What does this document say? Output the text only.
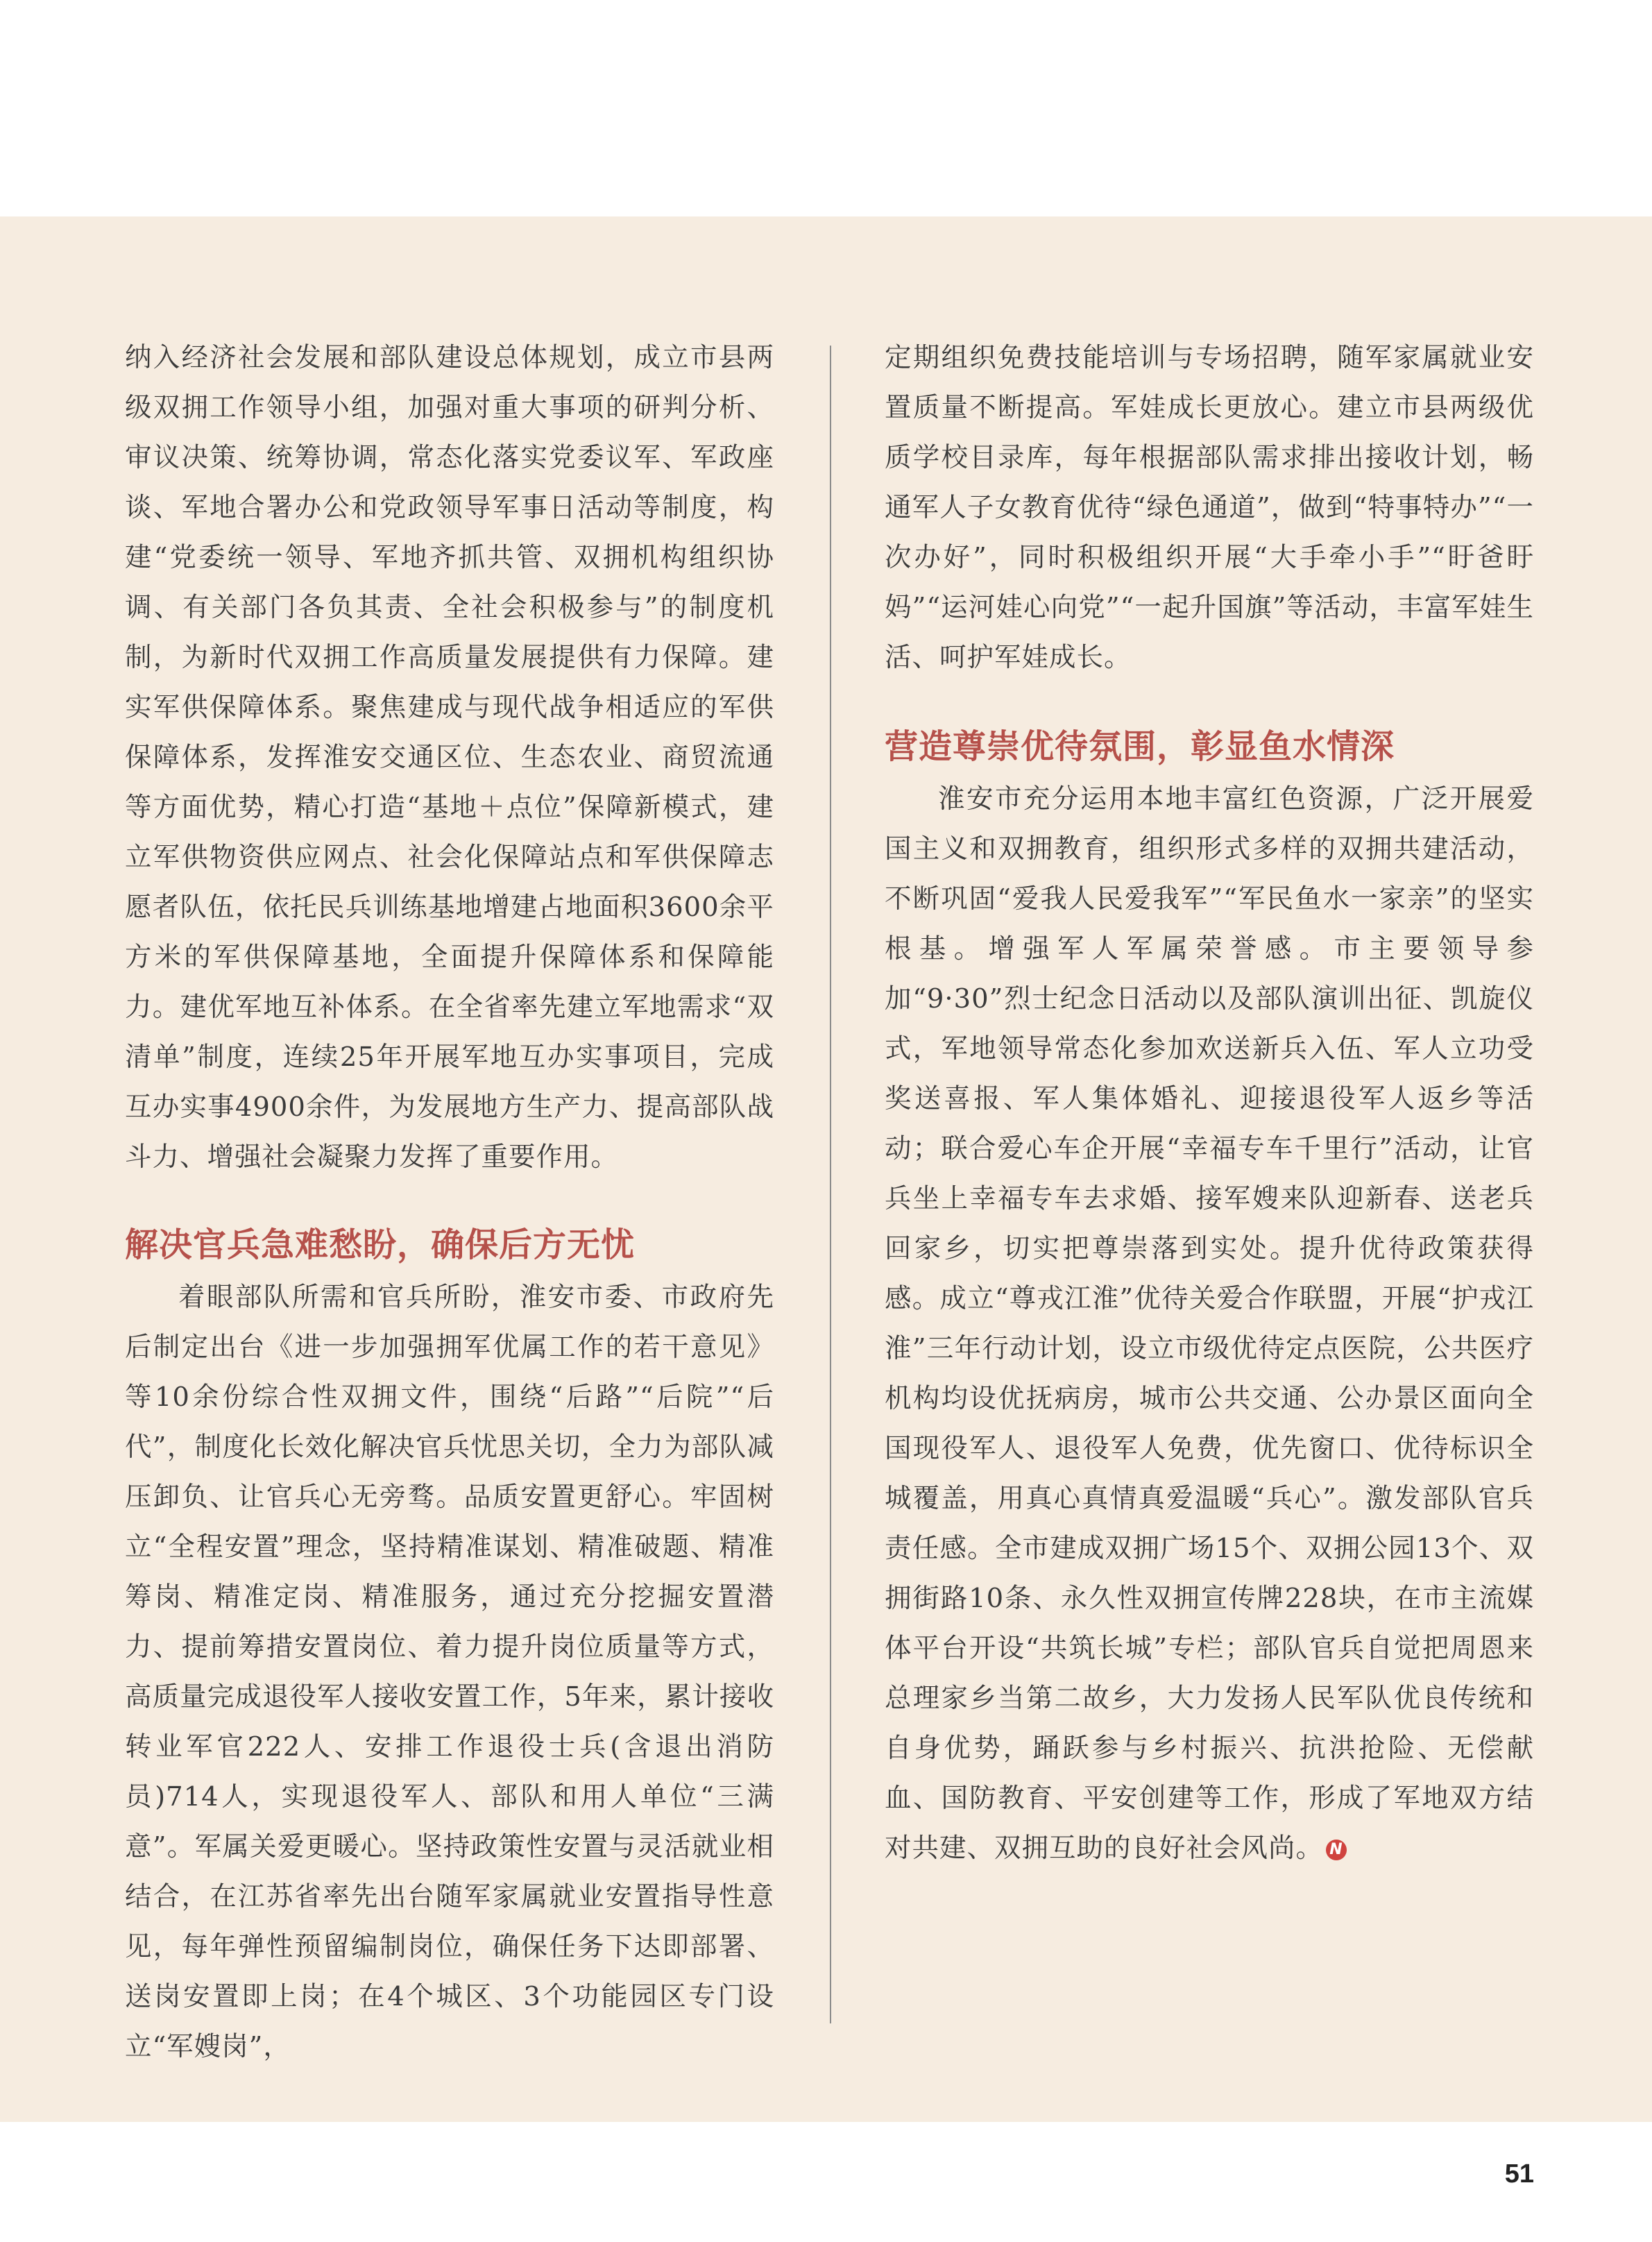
纳入经济社会发展和部队建设总体规划，成立市县两级双拥工作领导小组，加强对重大事项的研判分析、审议决策、统筹协调，常态化落实党委议军、军政座谈、军地合署办公和党政领导军事日活动等制度，构建“党委统一领导、军地齐抓共管、双拥机构组织协调、有关部门各负其责、全社会积极参与”的制度机制，为新时代双拥工作高质量发展提供有力保障。建实军供保障体系。聚焦建成与现代战争相适应的军供保障体系，发挥淮安交通区位、生态农业、商贸流通等方面优势，精心打造“基地＋点位”保障新模式，建立军供物资供应网点、社会化保障站点和军供保障志愿者队伍，依托民兵训练基地增建占地面积3600余平方米的军供保障基地，全面提升保障体系和保障能力。建优军地互补体系。在全省率先建立军地需求“双清单”制度，连续25年开展军地互办实事项目，完成互办实事4900余件，为发展地方生产力、提高部队战斗力、增强社会凝聚力发挥了重要作用。

解决官兵急难愁盼，确保后方无忧

着眼部队所需和官兵所盼，淮安市委、市政府先后制定出台《进一步加强拥军优属工作的若干意见》等10余份综合性双拥文件，围绕“后路”“后院”“后代”，制度化长效化解决官兵忧思关切，全力为部队减压卸负、让官兵心无旁骛。品质安置更舒心。牢固树立“全程安置”理念，坚持精准谋划、精准破题、精准筹岗、精准定岗、精准服务，通过充分挖掘安置潜力、提前筹措安置岗位、着力提升岗位质量等方式，高质量完成退役军人接收安置工作，5年来，累计接收转业军官222人、安排工作退役士兵(含退出消防员)714人，实现退役军人、部队和用人单位“三满意”。军属关爱更暖心。坚持政策性安置与灵活就业相结合，在江苏省率先出台随军家属就业安置指导性意见，每年弹性预留编制岗位，确保任务下达即部署、送岗安置即上岗；在4个城区、3个功能园区专门设立“军嫂岗”，

定期组织免费技能培训与专场招聘，随军家属就业安置质量不断提高。军娃成长更放心。建立市县两级优质学校目录库，每年根据部队需求排出接收计划，畅通军人子女教育优待“绿色通道”，做到“特事特办”“一次办好”，同时积极组织开展“大手牵小手”“盱爸盱妈”“运河娃心向党”“一起升国旗”等活动，丰富军娃生活、呵护军娃成长。

营造尊崇优待氛围，彰显鱼水情深

淮安市充分运用本地丰富红色资源，广泛开展爱国主义和双拥教育，组织形式多样的双拥共建活动，不断巩固“爱我人民爱我军”“军民鱼水一家亲”的坚实根基。增强军人军属荣誉感。市主要领导参加“9·30”烈士纪念日活动以及部队演训出征、凯旋仪式，军地领导常态化参加欢送新兵入伍、军人立功受奖送喜报、军人集体婚礼、迎接退役军人返乡等活动；联合爱心车企开展“幸福专车千里行”活动，让官兵坐上幸福专车去求婚、接军嫂来队迎新春、送老兵回家乡，切实把尊崇落到实处。提升优待政策获得感。成立“尊戎江淮”优待关爱合作联盟，开展“护戎江淮”三年行动计划，设立市级优待定点医院，公共医疗机构均设优抚病房，城市公共交通、公办景区面向全国现役军人、退役军人免费，优先窗口、优待标识全城覆盖，用真心真情真爱温暖“兵心”。激发部队官兵责任感。全市建成双拥广场15个、双拥公园13个、双拥街路10条、永久性双拥宣传牌228块，在市主流媒体平台开设“共筑长城”专栏；部队官兵自觉把周恩来总理家乡当第二故乡，大力发扬人民军队优良传统和自身优势，踊跃参与乡村振兴、抗洪抢险、无偿献血、国防教育、平安创建等工作，形成了军地双方结对共建、双拥互助的良好社会风尚。 N

51
